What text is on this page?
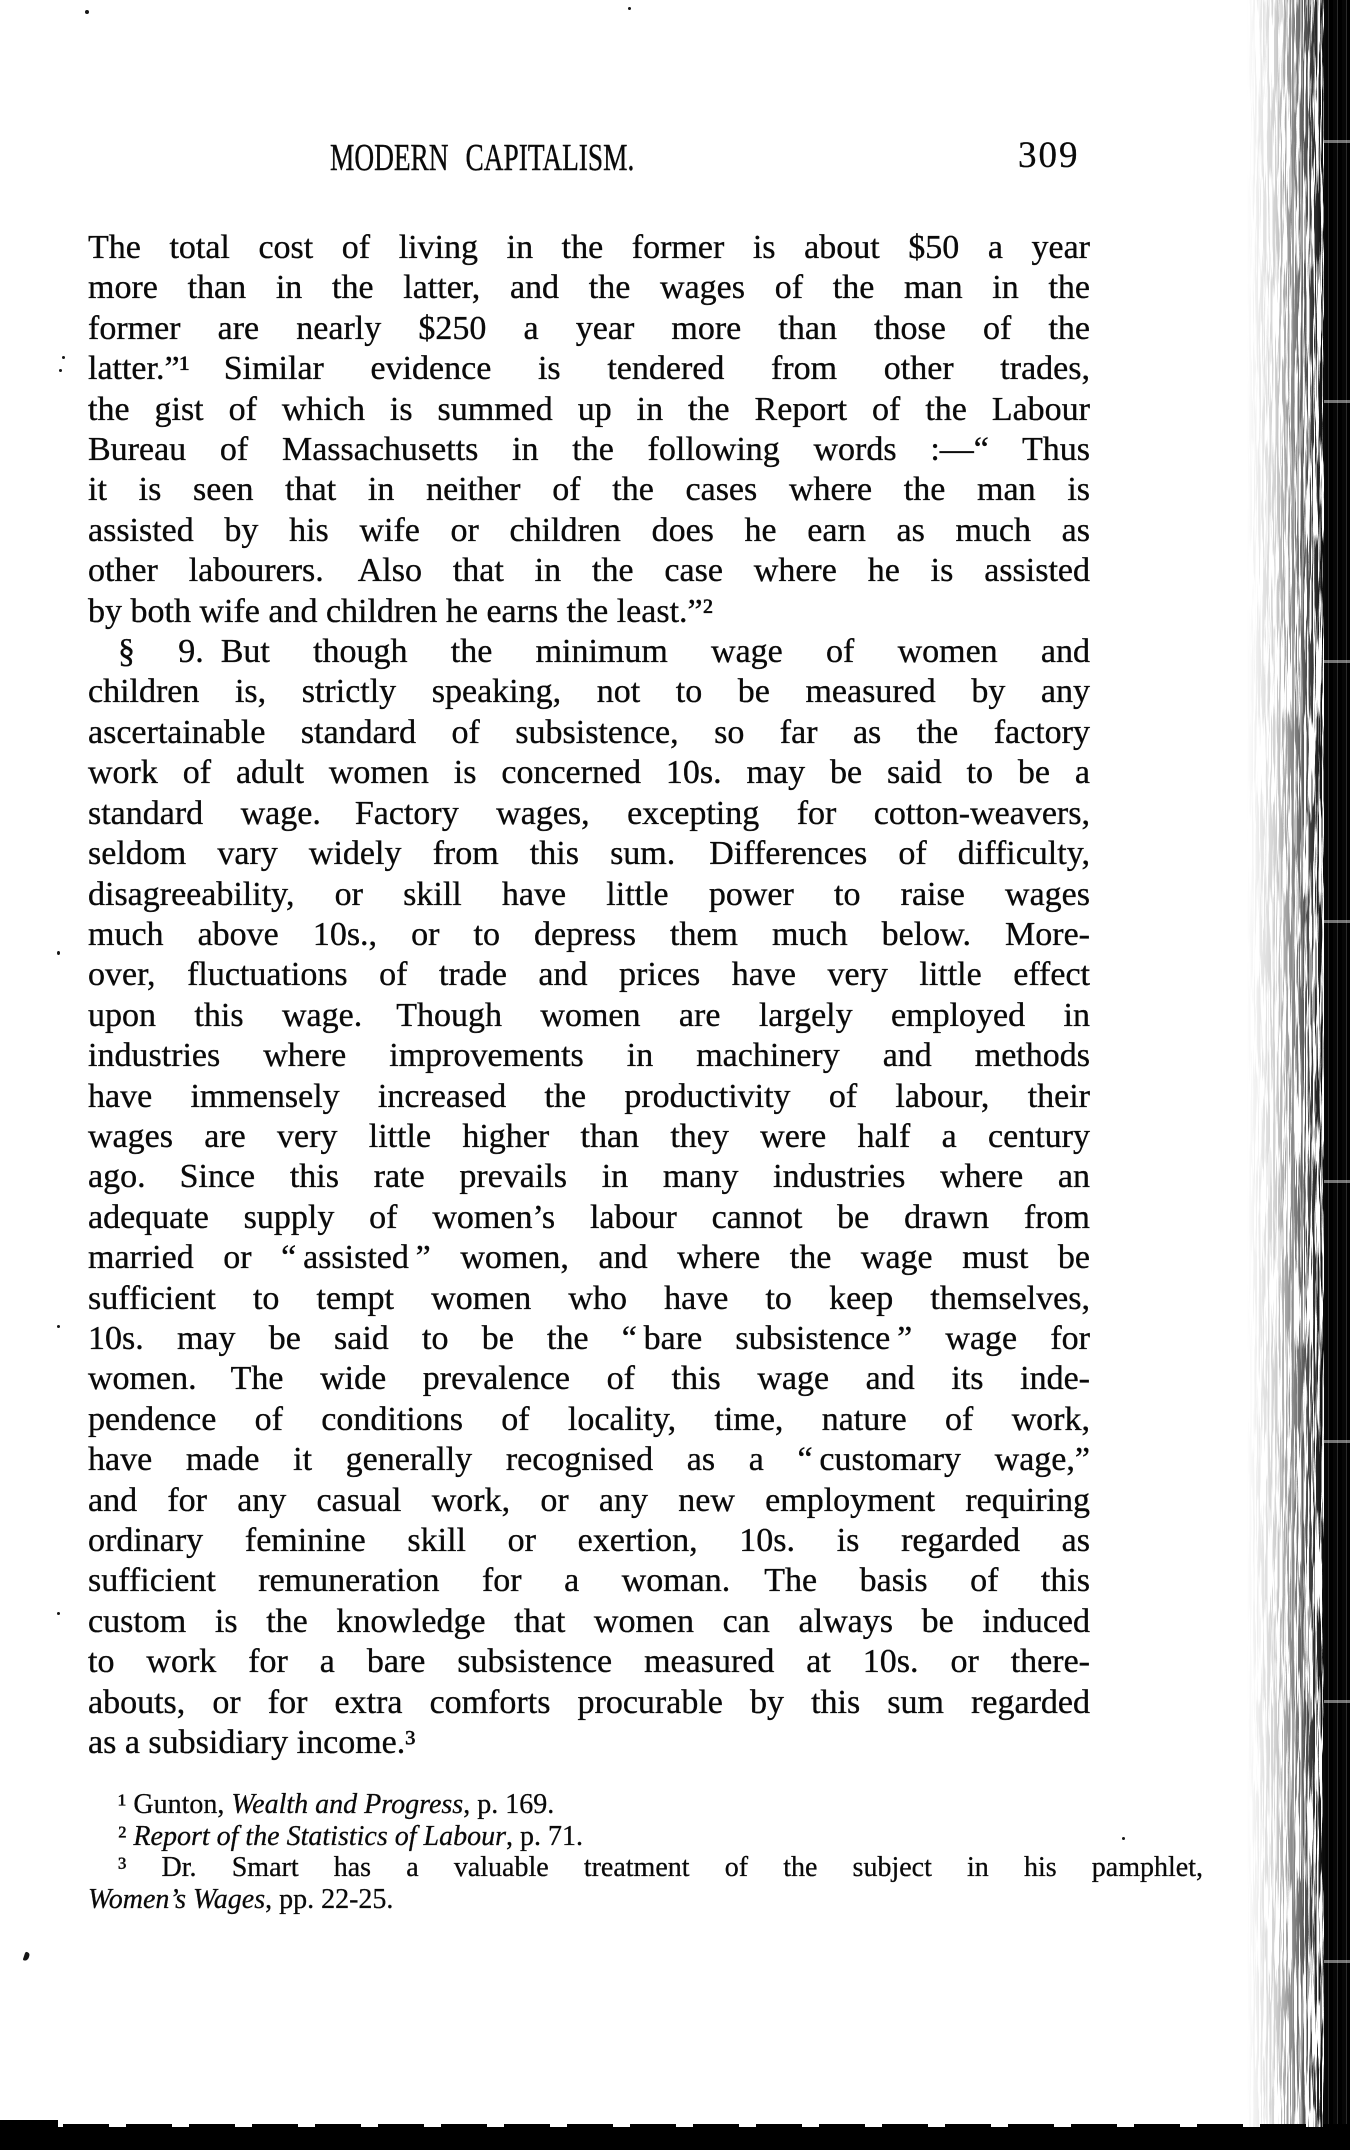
MODERN CAPITALISM.	309
The total cost of living in the former is about $50 a year
more than in the latter, and the wages of the man in the
former are nearly $250 a year more than those of the
latter.”¹ Similar evidence is tendered from other trades,
the gist of which is summed up in the Report of the Labour
Bureau of Massachusetts in the following words :—“ Thus
it is seen that in neither of the cases where the man is
assisted by his wife or children does he earn as much as
other labourers. Also that in the case where he is assisted
by both wife and children he earns the least.”²
§ 9. But though the minimum wage of women and
children is, strictly speaking, not to be measured by any
ascertainable standard of subsistence, so far as the factory
work of adult women is concerned 10s. may be said to be a
standard wage. Factory wages, excepting for cotton-weavers,
seldom vary widely from this sum. Differences of difficulty,
disagreeability, or skill have little power to raise wages
much above 10s., or to depress them much below. More-
over, fluctuations of trade and prices have very little effect
upon this wage. Though women are largely employed in
industries where improvements in machinery and methods
have immensely increased the productivity of labour, their
wages are very little higher than they were half a century
ago. Since this rate prevails in many industries where an
adequate supply of women’s labour cannot be drawn from
married or “ assisted ” women, and where the wage must be
sufficient to tempt women who have to keep themselves,
10s. may be said to be the “ bare subsistence ” wage for
women. The wide prevalence of this wage and its inde-
pendence of conditions of locality, time, nature of work,
have made it generally recognised as a “ customary wage,”
and for any casual work, or any new employment requiring
ordinary feminine skill or exertion, 10s. is regarded as
sufficient remuneration for a woman. The basis of this
custom is the knowledge that women can always be induced
to work for a bare subsistence measured at 10s. or there-
abouts, or for extra comforts procurable by this sum regarded
as a subsidiary income.³
¹ Gunton, Wealth and Progress, p. 169.
² Report of the Statistics of Labour, p. 71.
³ Dr. Smart has a valuable treatment of the subject in his pamphlet,
Women’s Wages, pp. 22-25.
